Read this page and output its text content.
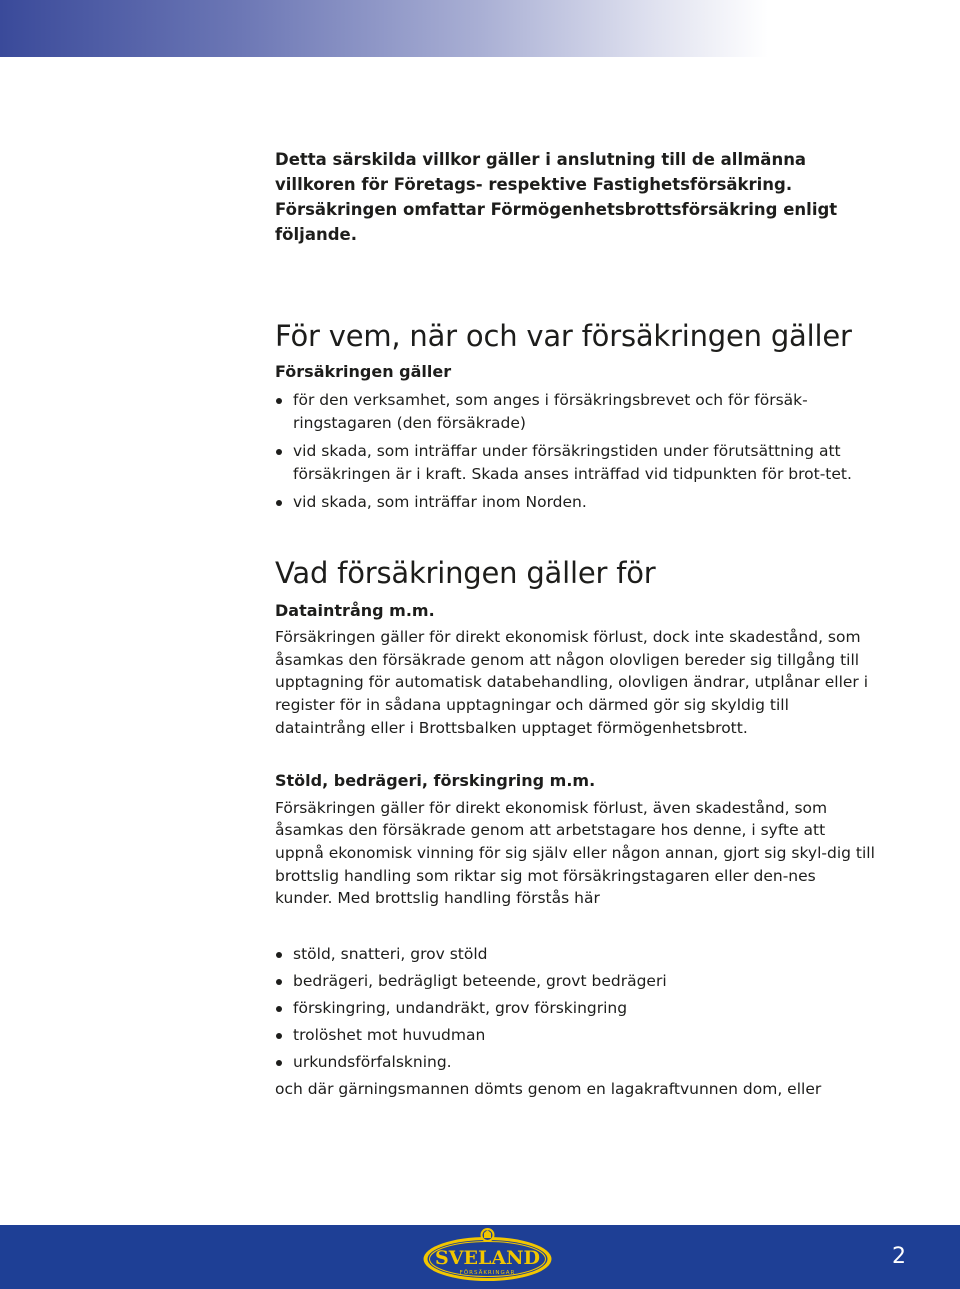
Detta särskilda villkor gäller i anslutning till de allmänna villkoren för Företags- respektive Fastighetsförsäkring.

Försäkringen omfattar Förmögenhetsbrottsförsäkring enligt följande.

För vem, när och var försäkringen gäller
Försäkringen gäller
för den verksamhet, som anges i försäkringsbrevet och för försäk-ringstagaren (den försäkrade)
vid skada, som inträffar under försäkringstiden under förutsättning att försäkringen är i kraft. Skada anses inträffad vid tidpunkten för brot-tet.
vid skada, som inträffar inom Norden.
Vad försäkringen gäller för
Dataintrång m.m.

Försäkringen gäller för direkt ekonomisk förlust, dock inte skadestånd, som åsamkas den försäkrade genom att någon olovligen bereder sig tillgång till upptagning för automatisk databehandling, olovligen ändrar, utplånar eller i register för in sådana upptagningar och därmed gör sig skyldig till dataintrång eller i Brottsbalken upptaget förmögenhetsbrott.

Stöld, bedrägeri, förskingring m.m.

Försäkringen gäller för direkt ekonomisk förlust, även skadestånd, som åsamkas den försäkrade genom att arbetstagare hos denne, i syfte att uppnå ekonomisk vinning för sig själv eller någon annan, gjort sig skyl-dig till brottslig handling som riktar sig mot försäkringstagaren eller den-nes kunder. Med brottslig handling förstås här

stöld, snatteri, grov stöld
bedrägeri, bedrägligt beteende, grovt bedrägeri
förskingring, undandräkt, grov förskingring
trolöshet mot huvudman
urkundsförfalskning.

och där gärningsmannen dömts genom en lagakraftvunnen dom, eller

SVELAND
FÖRSÄKRINGAR
2
